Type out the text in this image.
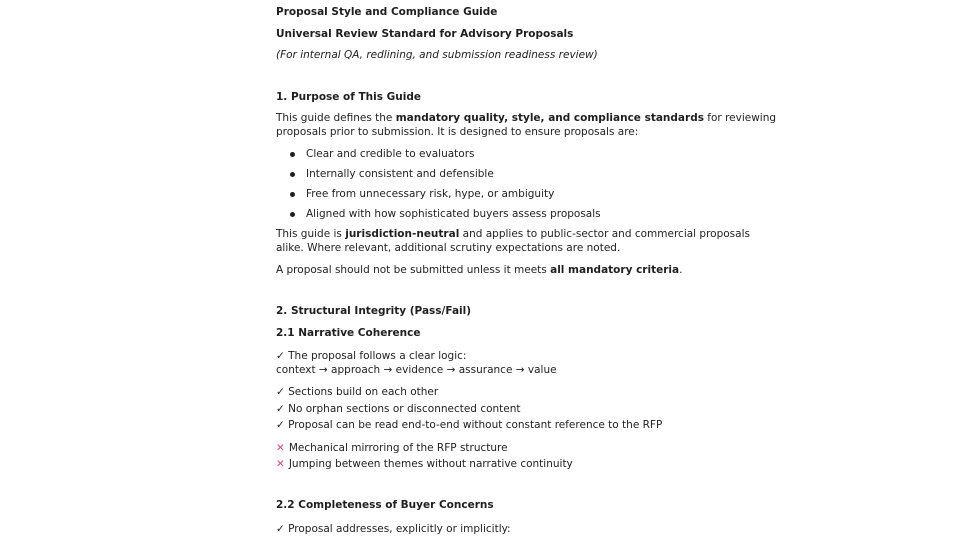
Proposal Style and Compliance Guide
Universal Review Standard for Advisory Proposals
(For internal QA, redlining, and submission readiness review)
1. Purpose of This Guide
This guide defines the mandatory quality, style, and compliance standards for reviewing
proposals prior to submission. It is designed to ensure proposals are:
Clear and credible to evaluators
Internally consistent and defensible
Free from unnecessary risk, hype, or ambiguity
Aligned with how sophisticated buyers assess proposals
This guide is jurisdiction-neutral and applies to public-sector and commercial proposals
alike. Where relevant, additional scrutiny expectations are noted.
A proposal should not be submitted unless it meets all mandatory criteria.
2. Structural Integrity (Pass/Fail)
2.1 Narrative Coherence
✓ The proposal follows a clear logic:
context → approach → evidence → assurance → value
✓ Sections build on each other
✓ No orphan sections or disconnected content
✓ Proposal can be read end-to-end without constant reference to the RFP
✕ Mechanical mirroring of the RFP structure
✕ Jumping between themes without narrative continuity
2.2 Completeness of Buyer Concerns
✓ Proposal addresses, explicitly or implicitly:
